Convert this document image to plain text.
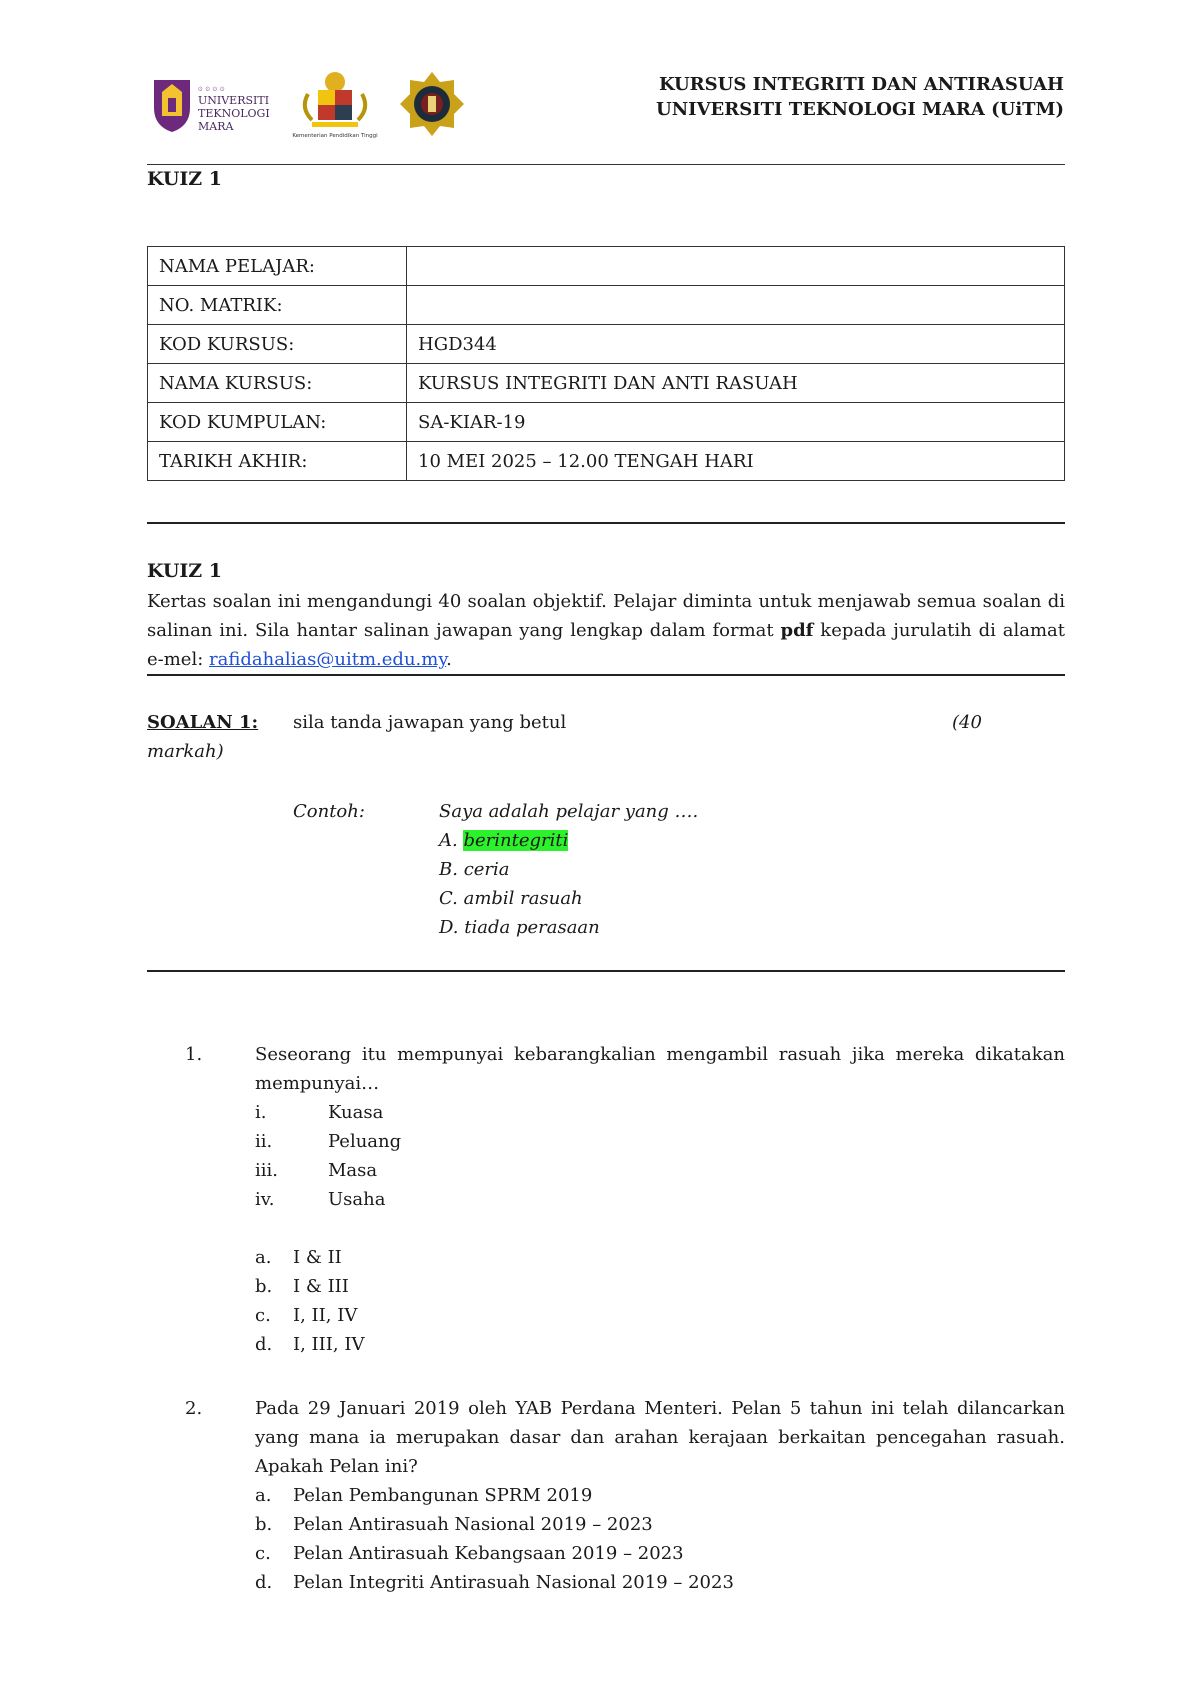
۞ ۞ ۞ ۞
UNIVERSITI
TEKNOLOGI
MARA
Kementerian Pendidikan Tinggi
KURSUS INTEGRITI DAN ANTIRASUAH
UNIVERSITI TEKNOLOGI MARA (UiTM)
KUIZ 1
NAMA PELAJAR:	
NO. MATRIK:	
KOD KURSUS:	HGD344
NAMA KURSUS:	KURSUS INTEGRITI DAN ANTI RASUAH
KOD KUMPULAN:	SA-KIAR-19
TARIKH AKHIR:	10 MEI 2025 – 12.00 TENGAH HARI
KUIZ 1
Kertas soalan ini mengandungi 40 soalan objektif. Pelajar diminta untuk menjawab semua soalan di salinan ini. Sila hantar salinan jawapan yang lengkap dalam format pdf kepada jurulatih di alamat e-mel: rafidahalias@uitm.edu.my.
SOALAN 1: sila tanda jawapan yang betul	(40
markah)
Contoh:	Saya adalah pelajar yang ….
A. berintegriti
B. ceria
C. ambil rasuah
D. tiada perasaan
1.	Seseorang itu mempunyai kebarangkalian mengambil rasuah jika mereka dikatakan mempunyai…
i.	Kuasa
ii.	Peluang
iii.	Masa
iv.	Usaha
a. I & II
b. I & III
c. I, II, IV
d. I, III, IV
2.	Pada 29 Januari 2019 oleh YAB Perdana Menteri. Pelan 5 tahun ini telah dilancarkan yang mana ia merupakan dasar dan arahan kerajaan berkaitan pencegahan rasuah. Apakah Pelan ini?
a. Pelan Pembangunan SPRM 2019
b. Pelan Antirasuah Nasional 2019 – 2023
c. Pelan Antirasuah Kebangsaan 2019 – 2023
d. Pelan Integriti Antirasuah Nasional 2019 – 2023
